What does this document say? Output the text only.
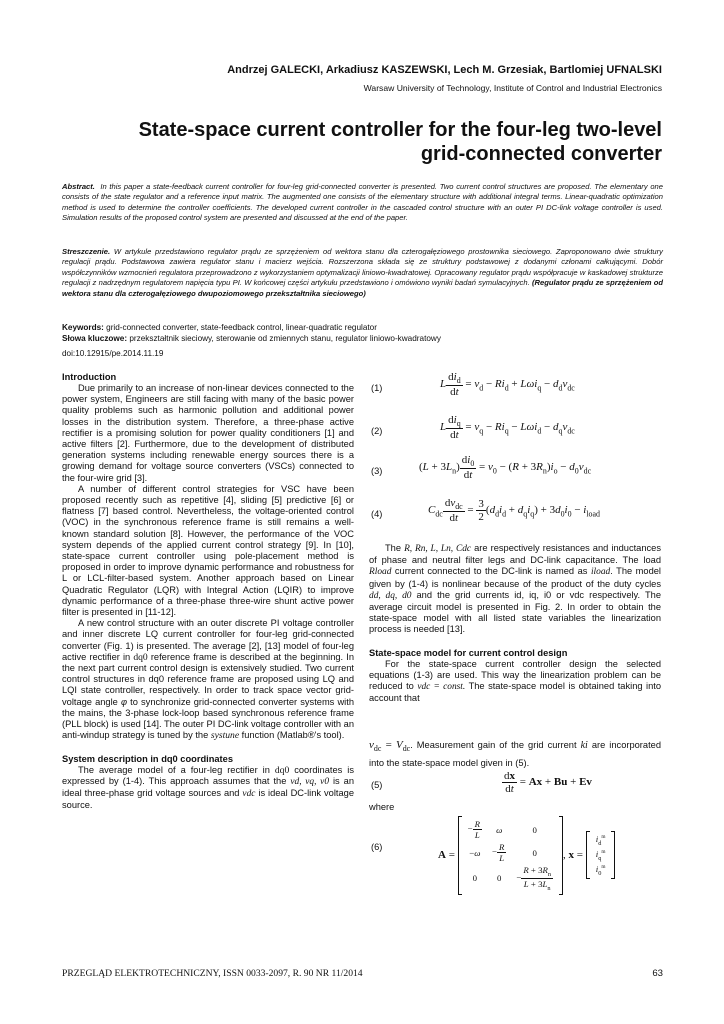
Andrzej GALECKI, Arkadiusz KASZEWSKI, Lech M. Grzesiak, Bartlomiej UFNALSKI
Warsaw University of Technology, Institute of Control and Industrial Electronics
State-space current controller for the four-leg two-level
grid-connected converter
Abstract. In this paper a state-feedback current controller for four-leg grid-connected converter is presented. Two current control structures are proposed. The elementary one consists of the state regulator and a reference input matrix. The augmented one consists of the elementary structure with additional integral terms. Linear-quadratic optimization method is used to determine the controller coefficients. The developed current controller in the cascaded control structure with an outer PI DC-link voltage controller is used. Simulation results of the proposed control system are presented and discussed at the end of the paper.
Streszczenie. W artykule przedstawiono regulator prądu ze sprzężeniem od wektora stanu dla czterogałęziowego prostownika sieciowego. Zaproponowano dwie struktury regulacji prądu. Podstawowa zawiera regulator stanu i macierz wejścia. Rozszerzona składa się ze struktury podstawowej z dodanymi członami całkującymi. Dobór współczynników wzmocnień regulatora przeprowadzono z wykorzystaniem optymalizacji liniowo-kwadratowej. Opracowany regulator prądu współpracuje w kaskadowej strukturze regulacji z nadrzędnym regulatorem napięcia typu PI. W końcowej części artykułu przedstawiono i omówiono wyniki badań symulacyjnych. (Regulator prądu ze sprzężeniem od wektora stanu dla czterogałęziowego dwupoziomowego przekształtnika sieciowego)
Keywords: grid-connected converter, state-feedback control, linear-quadratic regulator
Słowa kluczowe: przekształtnik sieciowy, sterowanie od zmiennych stanu, regulator liniowo-kwadratowy
doi:10.12915/pe.2014.11.19
Introduction

Due primarily to an increase of non-linear devices connected to the power system, Engineers are still facing with many of the basic power quality problems such as harmonic pollution and additional power losses in the distribution system. Therefore, a three-phase active rectifier is a promising solution for power quality conditioners [1] and active filters [2]. Furthermore, due to the development of distributed generation systems including renewable energy sources there is a growing demand for voltage source converters (VSCs) connected to the four-wire grid [3].

A number of different control strategies for VSC have been proposed recently such as repetitive [4], sliding [5] predictive [6] or flatness [7] based control. Nevertheless, the voltage-oriented control (VOC) in the synchronous reference frame is still remains a well-known standard solution [8]. However, the performance of the VOC system depends of the applied current control strategy [9]. In [10], state-space current controller using pole-placement method is proposed in order to improve dynamic performance and robustness for L or LCL-filter-based system. Another approach based on Linear Quadratic Regulator (LQR) with Integral Action (LQIR) to improve dynamic performance of a three-phase three-wire shunt active power filter is presented in [11-12].

A new control structure with an outer discrete PI voltage controller and inner discrete LQ current controller for four-leg grid-connected converter (Fig. 1) is presented. The average [2], [13] model of four-leg active rectifier in dq0 reference frame is described at the beginning. In the next part current control design is extensively studied. Two current control structures in dq0 reference frame are proposed using LQ and LQI state controller, respectively. In order to track space vector grid-voltage angle φ to synchronize grid-connected converter systems with the mains, the 3-phase lock-loop based synchronous reference frame (PLL block) is used [14]. The outer PI DC-link voltage controller with an anti-windup strategy is tuned by the systune function (Matlab®'s tool).

System description in dq0 coordinates

The average model of a four-leg rectifier in dq0 coordinates is expressed by (1-4). This approach assumes that the vd, vq, v0 is an ideal three-phase grid voltage sources and vdc is ideal DC-link voltage source.

(1)	L $\frac{di_d}{dt} = v_d - Ri_d + L\omega i_q - d_dv_{dc}$
(2)	L $\frac{di_q}{dt} = v_q - Ri_q - L\omega i_d - d_qv_{dc}$
(3)	$(L + 3L_n) \frac{di_0}{dt} = v_0 - (R + 3R_n)i_o - d_0v_{dc}$
(4)	$C_{dc} \frac{dv_{dc}}{dt} = \frac{3}{2} (d_di_d + d_qi_q) + 3d_0i_0 - i_{load}$

The R, Rn, L, Ln, Cdc are respectively resistances and inductances of phase and neutral filter legs and DC-link capacitance. The load Rload current connected to the DC-link is named as iload. The model given by (1-4) is nonlinear because of the product of the duty cycles dd, dq, d0 and the grid currents id, iq, i0 or vdc respectively. The average circuit model is presented in Fig. 2. In order to obtain the state-space model with all listed state variables the linearization process is needed [13].

State-space model for current control design

For the state-space current controller design the selected equations (1-3) are used. This way the linearization problem can be reduced to vdc = const. The state-space model is obtained taking into account that

$v_{dc} = V_{dc}$. Measurement gain of the grid current ki are incorporated into the state-space model given in (5).

(5)	$\frac{dx}{dt} = Ax + Bu + Ev$
where
(6)
A =
− $\frac{R}{L}$	ω	0
−ω	− $\frac{R}{L}$	0
0	0	− $\frac{R + 3R_n}{L + 3L_n}$
, x =
$i_d^m$
$i_q^m$
$i_0^m$
PRZEGLĄD ELEKTROTECHNICZNY, ISSN 0033-2097, R. 90 NR 11/2014	63
